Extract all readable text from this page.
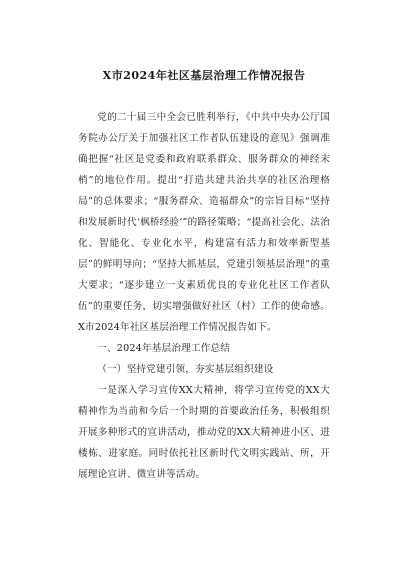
X市2024年社区基层治理工作情况报告

党的二十届三中全会已胜利举行，《中共中央办公厅国务院办公厅关于加强社区工作者队伍建设的意见》强调准确把握“社区是党委和政府联系群众、服务群众的神经末梢”的地位作用。提出“打造共建共治共享的社区治理格局”的总体要求；“服务群众、造福群众”的宗旨目标“坚持和发展新时代‘枫桥经验’”的路径策略；“提高社会化、法治化、智能化、专业化水平，构建富有活力和效率新型基层”的鲜明导向；“坚持大抓基层，党建引领基层治理”的重大要求；“逐步建立一支素质优良的专业化社区工作者队伍”的重要任务，切实增强做好社区（村）工作的使命感。X市2024年社区基层治理工作情况报告如下。

一、2024年基层治理工作总结

（一）坚持党建引领，夯实基层组织建设

一是深入学习宣传XX大精神，将学习宣传党的XX大精神作为当前和今后一个时期的首要政治任务，积极组织开展多种形式的宣讲活动，推动党的XX大精神进小区、进楼栋、进家庭。同时依托社区新时代文明实践站、所，开展理论宣讲、微宣讲等活动。
